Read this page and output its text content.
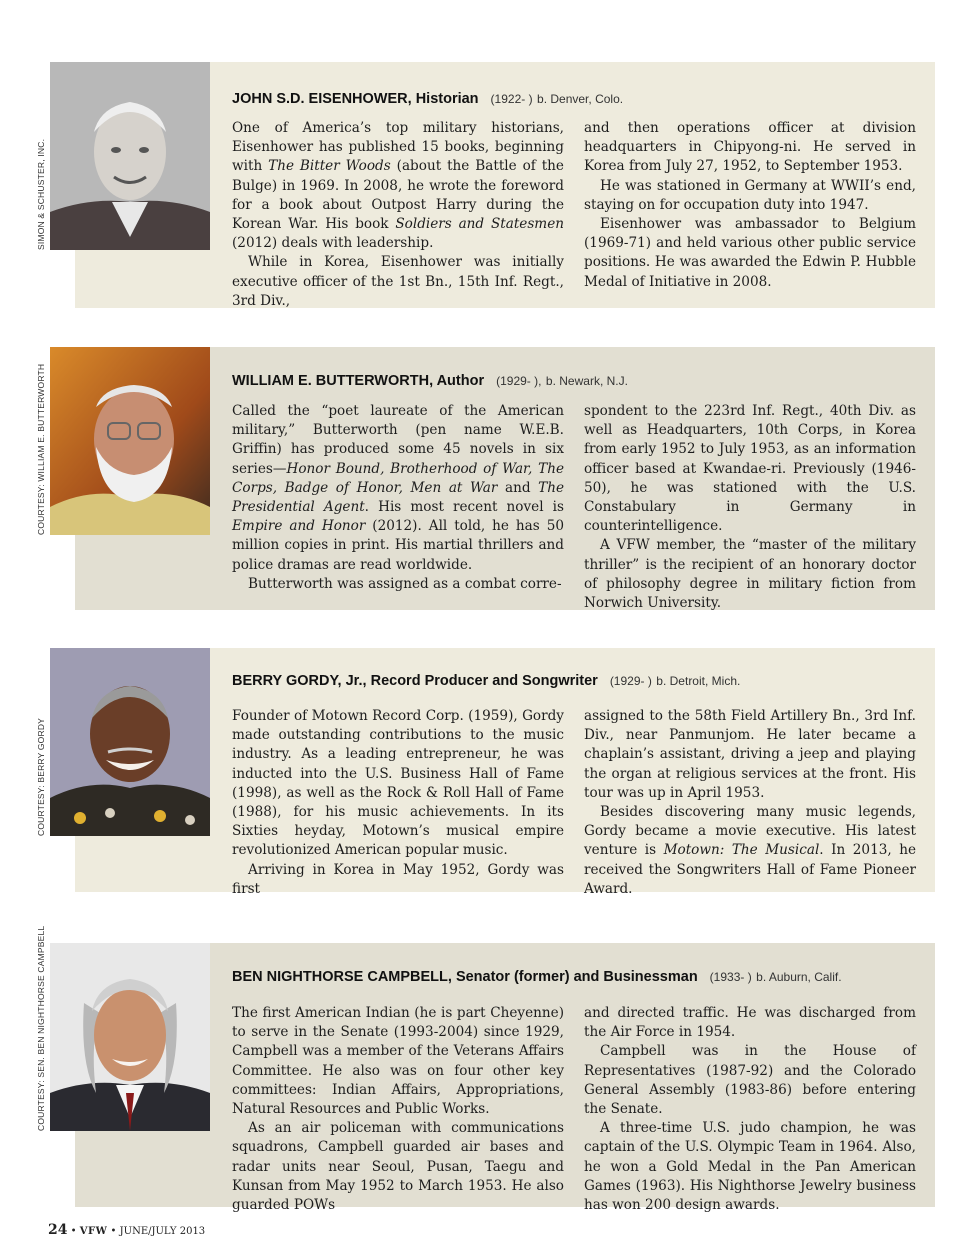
SIMON & SCHUSTER, INC.
JOHN S.D. EISENHOWER, Historian (1922- ) b. Denver, Colo.

One of America’s top military historians, Eisenhower has published 15 books, beginning with The Bitter Woods (about the Battle of the Bulge) in 1969. In 2008, he wrote the foreword for a book about Outpost Harry during the Korean War. His book Soldiers and Statesmen (2012) deals with leadership.

While in Korea, Eisenhower was initially executive officer of the 1st Bn., 15th Inf. Regt., 3rd Div.,

and then operations officer at division headquarters in Chipyong-ni. He served in Korea from July 27, 1952, to September 1953.

He was stationed in Germany at WWII’s end, staying on for occupation duty into 1947.

Eisenhower was ambassador to Belgium (1969-71) and held various other public service positions. He was awarded the Edwin P. Hubble Medal of Initiative in 2008.

COURTESY: WILLIAM E. BUTTERWORTH	WILLIAM E. BUTTERWORTH, Author (1929- ), b. Newark, N.J.

Called the “poet laureate of the American military,” Butterworth (pen name W.E.B. Griffin) has produced some 45 novels in six series—Honor Bound, Brotherhood of War, The Corps, Badge of Honor, Men at War and The Presidential Agent. His most recent novel is Empire and Honor (2012). All told, he has 50 million copies in print. His martial thrillers and police dramas are read worldwide.

Butterworth was assigned as a combat corre-

spondent to the 223rd Inf. Regt., 40th Div. as well as Headquarters, 10th Corps, in Korea from early 1952 to July 1953, as an information officer based at Kwandae-ri. Previously (1946-50), he was stationed with the U.S. Constabulary in Germany in counterintelligence.

A VFW member, the “master of the military thriller” is the recipient of an honorary doctor of philosophy degree in military fiction from Norwich University.

COURTESY: BERRY GORDY
BERRY GORDY, Jr., Record Producer and Songwriter (1929- ) b. Detroit, Mich.

Founder of Motown Record Corp. (1959), Gordy made outstanding contributions to the music industry. As a leading entrepreneur, he was inducted into the U.S. Business Hall of Fame (1998), as well as the Rock & Roll Hall of Fame (1988), for his music achievements. In its Sixties heyday, Motown’s musical empire revolutionized American popular music.

Arriving in Korea in May 1952, Gordy was first

assigned to the 58th Field Artillery Bn., 3rd Inf. Div., near Panmunjom. He later became a chaplain’s assistant, driving a jeep and playing the organ at religious services at the front. His tour was up in April 1953.

Besides discovering many music legends, Gordy became a movie executive. His latest venture is Motown: The Musical. In 2013, he received the Songwriters Hall of Fame Pioneer Award.

COURTESY: SEN. BEN NIGHTHORSE CAMPBELL	BEN NIGHTHORSE CAMPBELL, Senator (former) and Businessman (1933- ) b. Auburn, Calif.

The first American Indian (he is part Cheyenne) to serve in the Senate (1993-2004) since 1929, Campbell was a member of the Veterans Affairs Committee. He also was on four other key committees: Indian Affairs, Appropriations, Natural Resources and Public Works.

As an air policeman with communications squadrons, Campbell guarded air bases and radar units near Seoul, Pusan, Taegu and Kunsan from May 1952 to March 1953. He also guarded POWs

and directed traffic. He was discharged from the Air Force in 1954.

Campbell was in the House of Representatives (1987-92) and the Colorado General Assembly (1983-86) before entering the Senate.

A three-time U.S. judo champion, he was captain of the U.S. Olympic Team in 1964. Also, he won a Gold Medal in the Pan American Games (1963). His Nighthorse Jewelry business has won 200 design awards.

24 • VFW • JUNE/JULY 2013
